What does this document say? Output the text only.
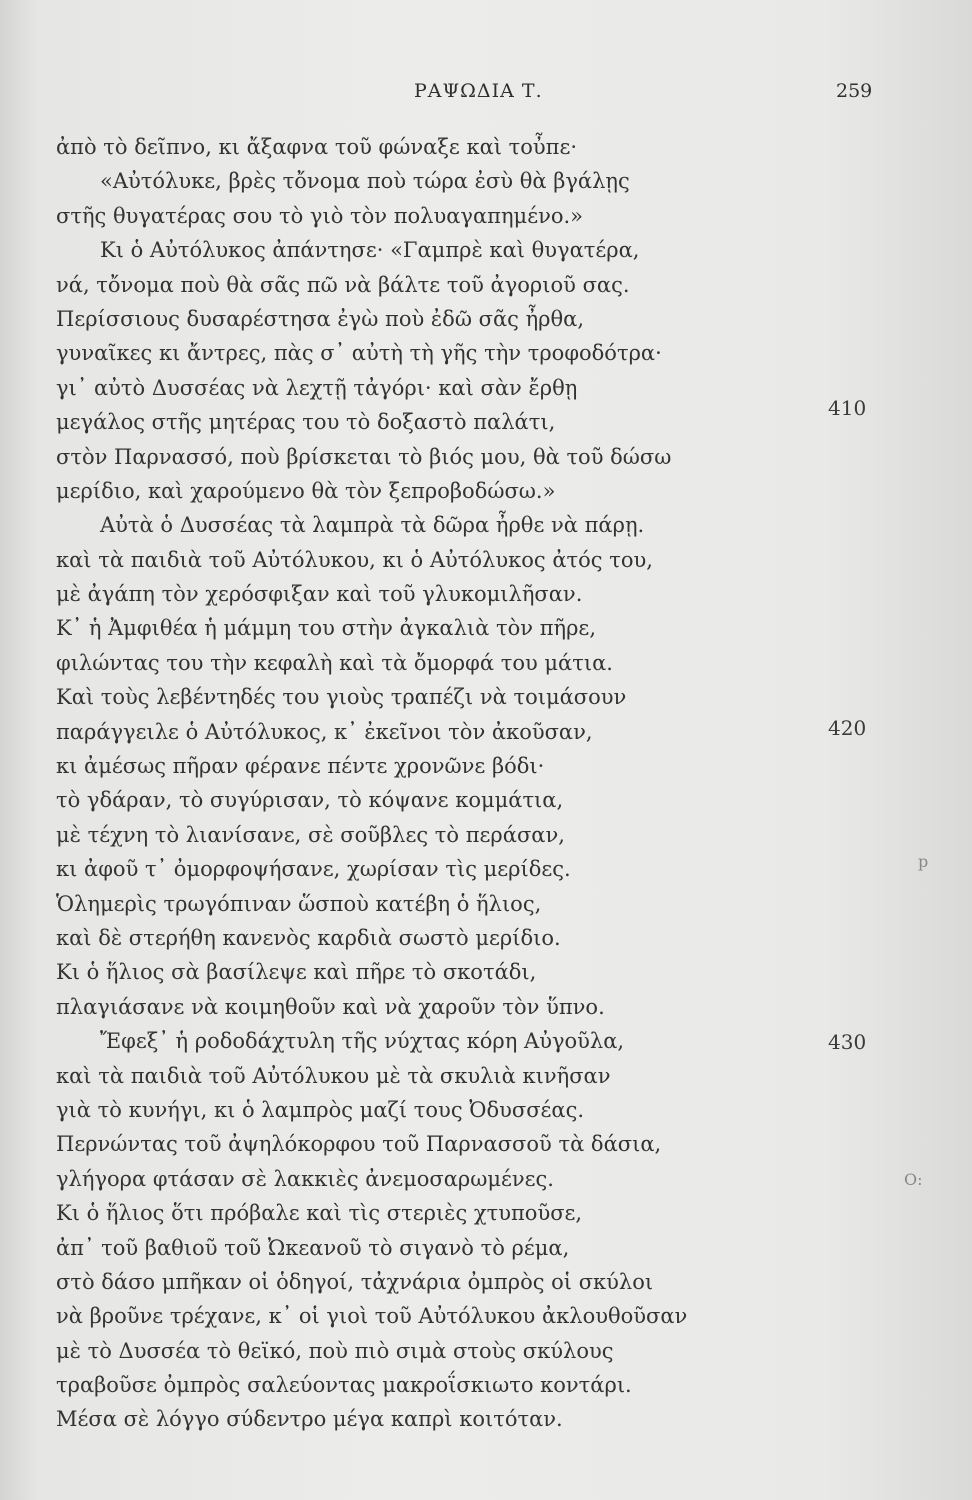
ΡΑΨΩΔΙΑ Τ.	259
ἀπὸ τὸ δεῖπνο, κι ἄξαφνα τοῦ φώναξε καὶ τοὖπε·
«Αὐτόλυκε, βρὲς τὄνομα ποὺ τώρα ἐσὺ θὰ βγάλῃς
στῆς θυγατέρας σου τὸ γιὸ τὸν πολυαγαπημένο.»
Κι ὁ Αὐτόλυκος ἀπάντησε· «Γαμπρὲ καὶ θυγατέρα,
νά, τὄνομα ποὺ θὰ σᾶς πῶ νὰ βάλτε τοῦ ἀγοριοῦ σας.
Περίσσιους δυσαρέστησα ἐγὼ ποὺ ἐδῶ σᾶς ἦρθα,
γυναῖκες κι ἄντρες, πὰς σ᾽ αὐτὴ τὴ γῆς τὴν τροφοδότρα·
γι᾽ αὐτὸ Δυσσέας νὰ λεχτῇ τἀγόρι· καὶ σὰν ἔρθῃ
μεγάλος στῆς μητέρας του τὸ δοξαστὸ παλάτι,
στὸν Παρνασσό, ποὺ βρίσκεται τὸ βιός μου, θὰ τοῦ δώσω
μερίδιο, καὶ χαρούμενο θὰ τὸν ξεπροβοδώσω.»
Αὐτὰ ὁ Δυσσέας τὰ λαμπρὰ τὰ δῶρα ἦρθε νὰ πάρῃ.
καὶ τὰ παιδιὰ τοῦ Αὐτόλυκου, κι ὁ Αὐτόλυκος ἀτός του,
μὲ ἀγάπη τὸν χερόσφιξαν καὶ τοῦ γλυκομιλῆσαν.
Κ᾽ ἡ Ἀμφιθέα ἡ μάμμη του στὴν ἀγκαλιὰ τὸν πῆρε,
φιλώντας του τὴν κεφαλὴ καὶ τὰ ὄμορφά του μάτια.
Καὶ τοὺς λεβέντηδές του γιοὺς τραπέζι νὰ τοιμάσουν
παράγγειλε ὁ Αὐτόλυκος, κ᾽ ἐκεῖνοι τὸν ἀκοῦσαν,
κι ἀμέσως πῆραν φέρανε πέντε χρονῶνε βόδι·
τὸ γδάραν, τὸ συγύρισαν, τὸ κόψανε κομμάτια,
μὲ τέχνη τὸ λιανίσανε, σὲ σοῦβλες τὸ περάσαν,
κι ἀφοῦ τ᾽ ὀμορφοψήσανε, χωρίσαν τὶς μερίδες.
Ὁλημερὶς τρωγόπιναν ὥσποὺ κατέβη ὁ ἥλιος,
καὶ δὲ στερήθη κανενὸς καρδιὰ σωστὸ μερίδιο.
Κι ὁ ἥλιος σὰ βασίλεψε καὶ πῆρε τὸ σκοτάδι,
πλαγιάσανε νὰ κοιμηθοῦν καὶ νὰ χαροῦν τὸν ὕπνο.
Ἔφεξ᾽ ἡ ροδοδάχτυλη τῆς νύχτας κόρη Αὐγοῦλα,
καὶ τὰ παιδιὰ τοῦ Αὐτόλυκου μὲ τὰ σκυλιὰ κινῆσαν
γιὰ τὸ κυνήγι, κι ὁ λαμπρὸς μαζί τους Ὀδυσσέας.
Περνώντας τοῦ ἀψηλόκορφου τοῦ Παρνασσοῦ τὰ δάσια,
γλήγορα φτάσαν σὲ λακκιὲς ἀνεμοσαρωμένες.
Κι ὁ ἥλιος ὅτι πρόβαλε καὶ τὶς στεριὲς χτυποῦσε,
ἀπ᾽ τοῦ βαθιοῦ τοῦ Ὠκεανοῦ τὸ σιγανὸ τὸ ρέμα,
στὸ δάσο μπῆκαν οἱ ὁδηγοί, τἀχνάρια ὀμπρὸς οἱ σκύλοι
νὰ βροῦνε τρέχανε, κ᾽ οἱ γιοὶ τοῦ Αὐτόλυκου ἀκλουθοῦσαν
μὲ τὸ Δυσσέα τὸ θεϊκό, ποὺ πιὸ σιμὰ στοὺς σκύλους
τραβοῦσε ὀμπρὸς σαλεύοντας μακροΐσκιωτο κοντάρι.
Μέσα σὲ λόγγο σύδεντρο μέγα καπρὶ κοιτόταν.
410
420
430
p
O:
